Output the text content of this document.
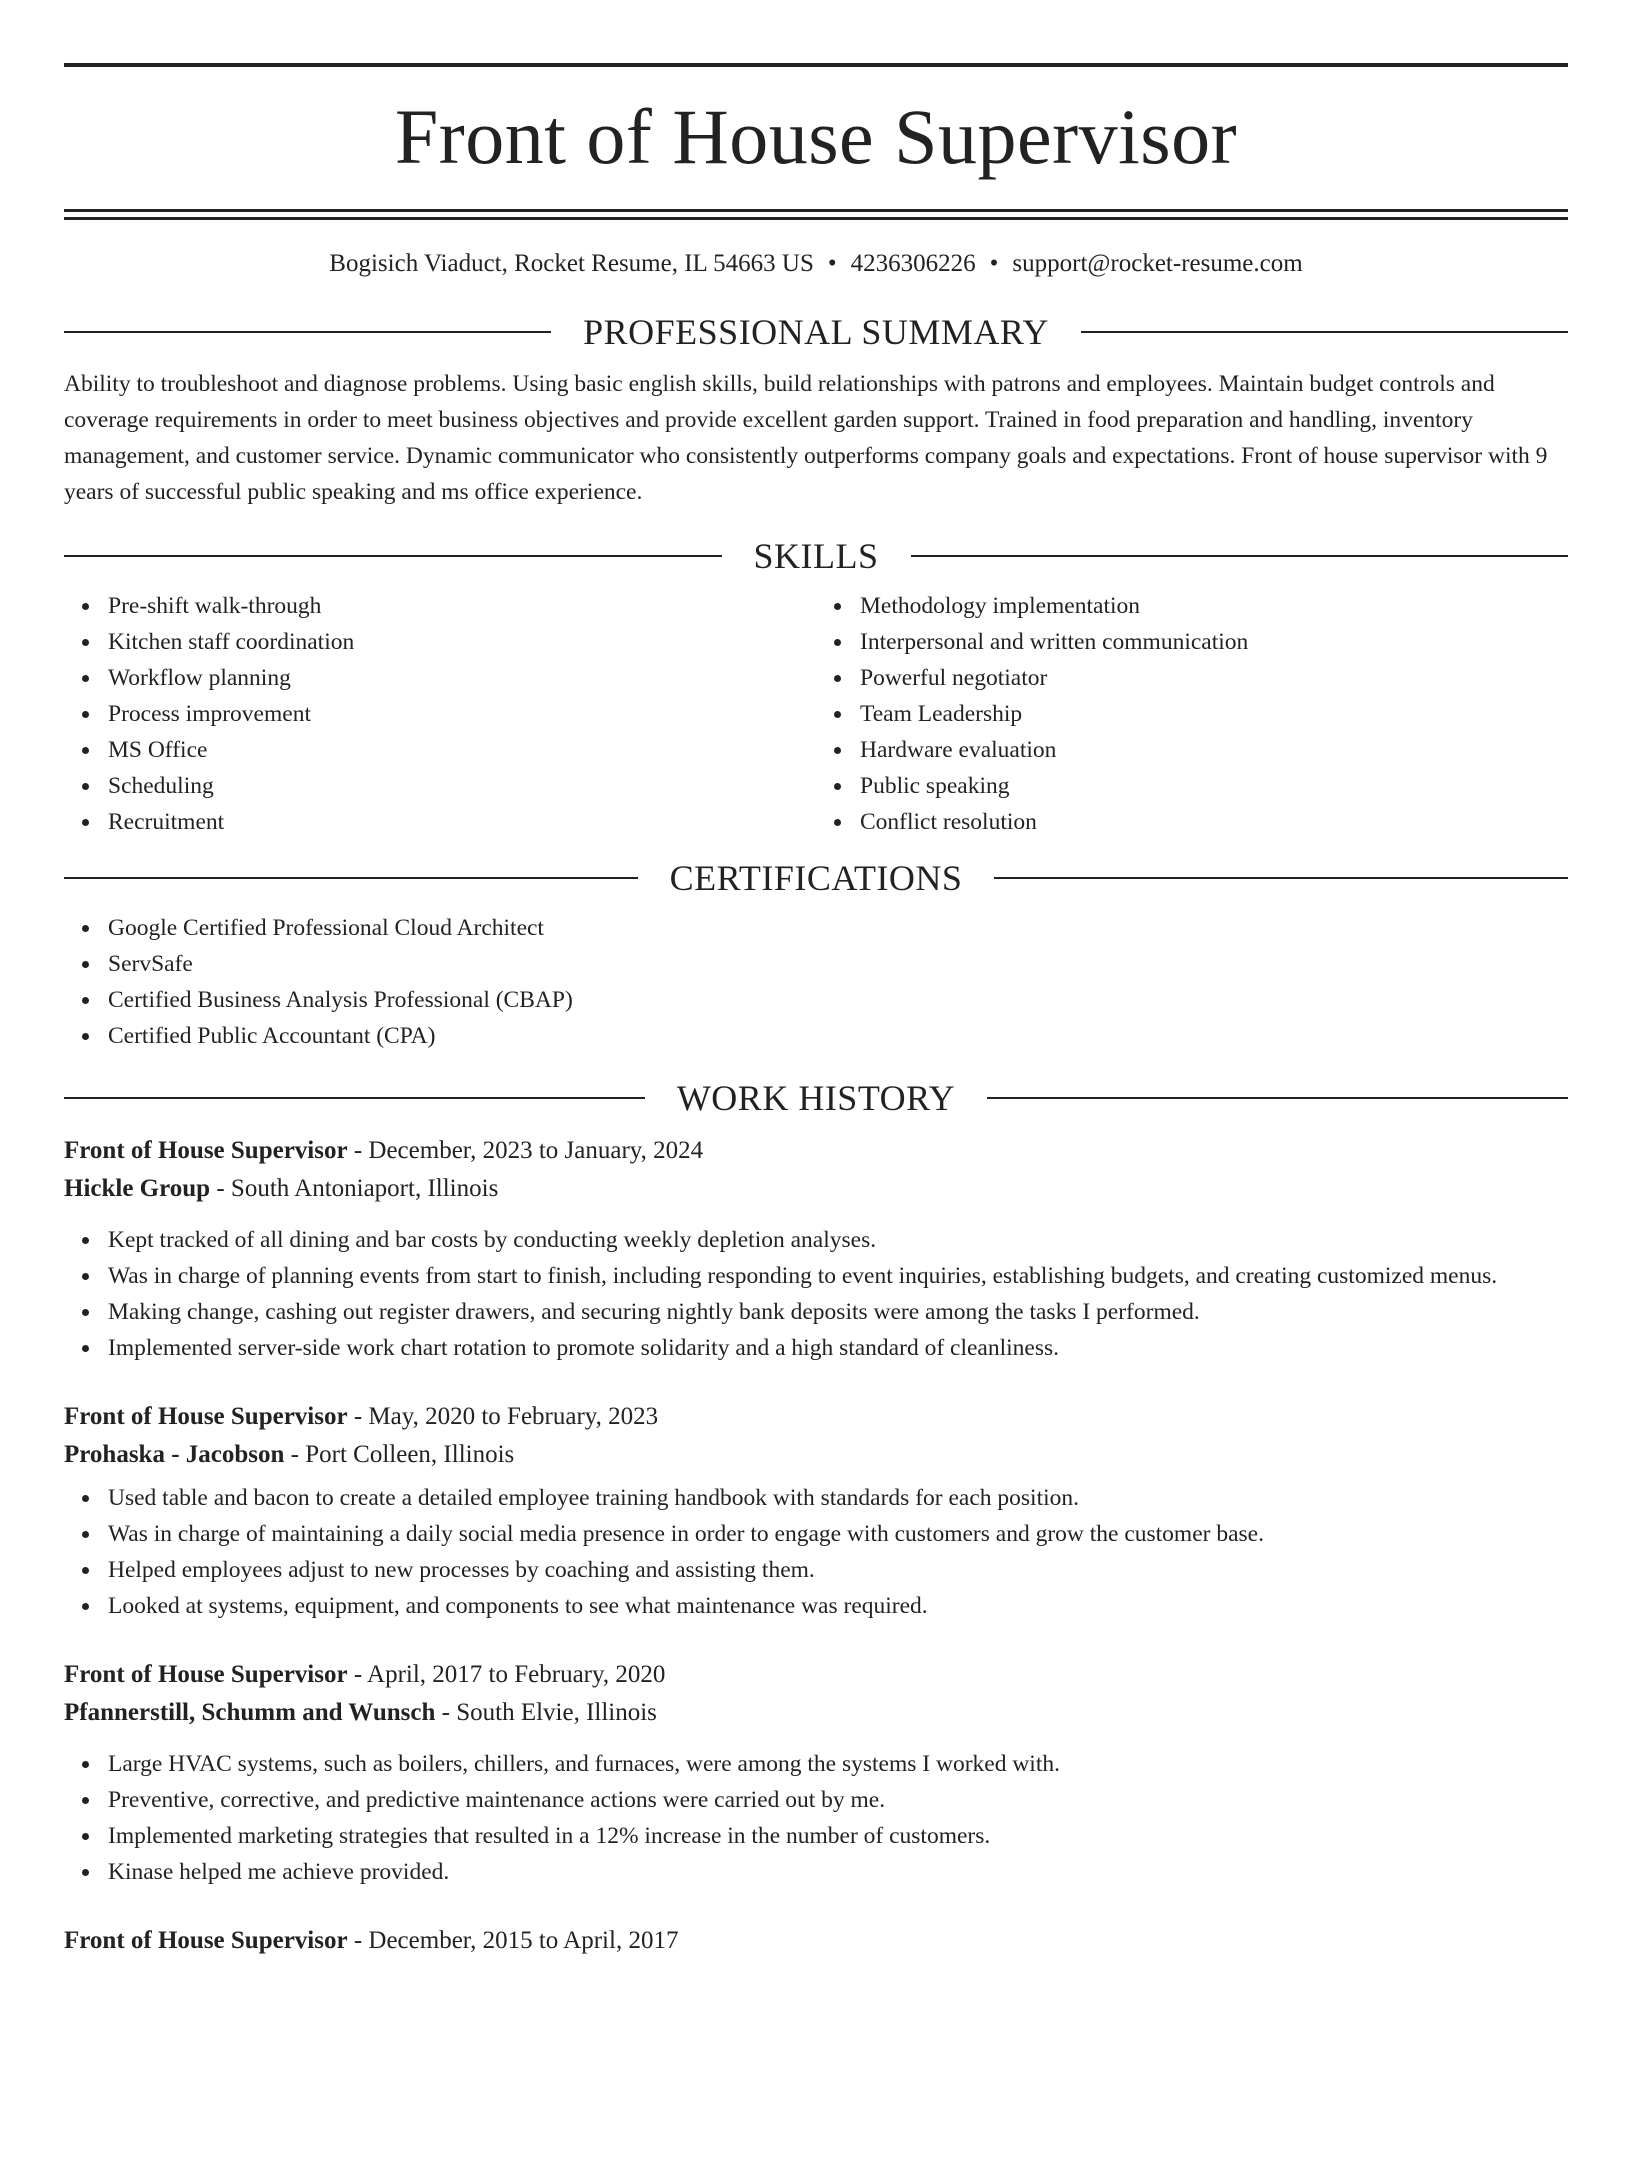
Front of House Supervisor
Bogisich Viaduct, Rocket Resume, IL 54663 US • 4236306226 • support@rocket-resume.com
PROFESSIONAL SUMMARY

Ability to troubleshoot and diagnose problems. Using basic english skills, build relationships with patrons and employees. Maintain budget controls and coverage requirements in order to meet business objectives and provide excellent garden support. Trained in food preparation and handling, inventory management, and customer service. Dynamic communicator who consistently outperforms company goals and expectations. Front of house supervisor with 9 years of successful public speaking and ms office experience.

SKILLS
Pre-shift walk-through
Kitchen staff coordination
Workflow planning
Process improvement
MS Office
Scheduling
Recruitment
Methodology implementation
Interpersonal and written communication
Powerful negotiator
Team Leadership
Hardware evaluation
Public speaking
Conflict resolution
CERTIFICATIONS
Google Certified Professional Cloud Architect
ServSafe
Certified Business Analysis Professional (CBAP)
Certified Public Accountant (CPA)
WORK HISTORY
Front of House Supervisor - December, 2023 to January, 2024
Hickle Group - South Antoniaport, Illinois
Kept tracked of all dining and bar costs by conducting weekly depletion analyses.
Was in charge of planning events from start to finish, including responding to event inquiries, establishing budgets, and creating customized menus.
Making change, cashing out register drawers, and securing nightly bank deposits were among the tasks I performed.
Implemented server-side work chart rotation to promote solidarity and a high standard of cleanliness.
Front of House Supervisor - May, 2020 to February, 2023
Prohaska - Jacobson - Port Colleen, Illinois
Used table and bacon to create a detailed employee training handbook with standards for each position.
Was in charge of maintaining a daily social media presence in order to engage with customers and grow the customer base.
Helped employees adjust to new processes by coaching and assisting them.
Looked at systems, equipment, and components to see what maintenance was required.
Front of House Supervisor - April, 2017 to February, 2020
Pfannerstill, Schumm and Wunsch - South Elvie, Illinois
Large HVAC systems, such as boilers, chillers, and furnaces, were among the systems I worked with.
Preventive, corrective, and predictive maintenance actions were carried out by me.
Implemented marketing strategies that resulted in a 12% increase in the number of customers.
Kinase helped me achieve provided.
Front of House Supervisor - December, 2015 to April, 2017
